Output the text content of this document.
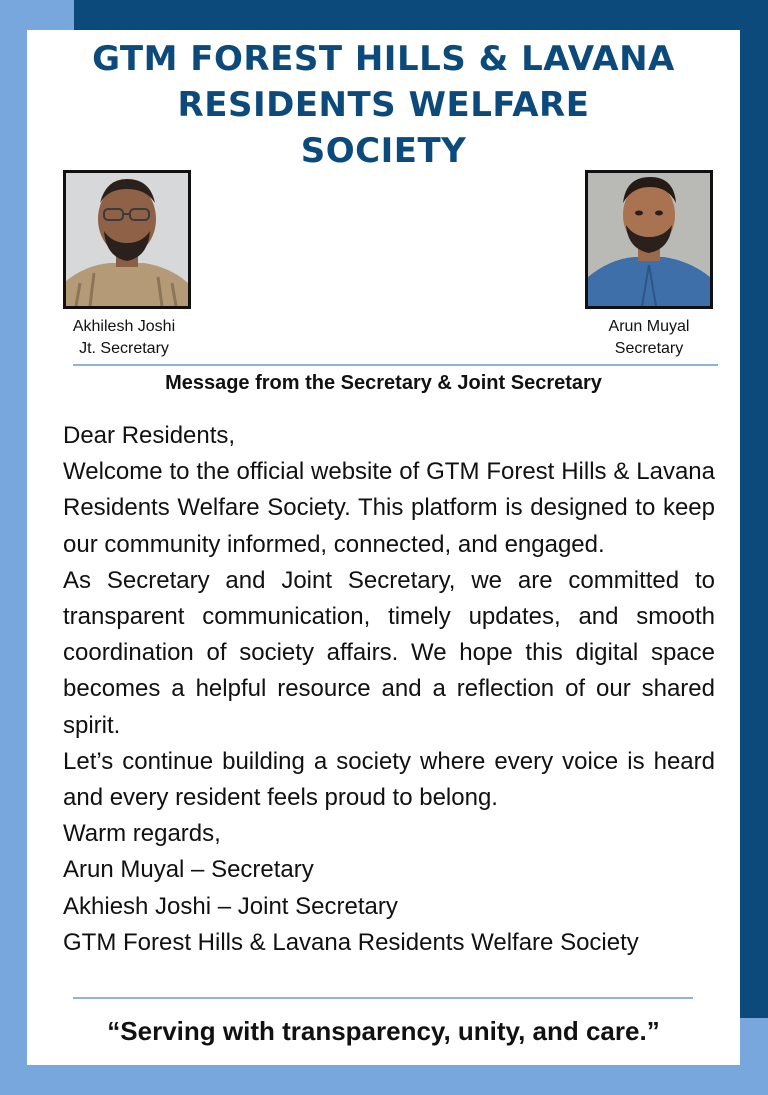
GTM FOREST HILLS & LAVANA
RESIDENTS WELFARE
SOCIETY
Akhilesh Joshi
Jt. Secretary
Arun Muyal
Secretary
Message from the Secretary & Joint Secretary

Dear Residents,

Welcome to the official website of GTM Forest Hills & Lavana Residents Welfare Society. This platform is designed to keep our community informed, connected, and engaged.

As Secretary and Joint Secretary, we are committed to transparent communication, timely updates, and smooth coordination of society affairs. We hope this digital space becomes a helpful resource and a reflection of our shared spirit.

Let’s continue building a society where every voice is heard and every resident feels proud to belong.

Warm regards,

Arun Muyal – Secretary

Akhiesh Joshi – Joint Secretary

GTM Forest Hills & Lavana Residents Welfare Society

“Serving with transparency, unity, and care.”
